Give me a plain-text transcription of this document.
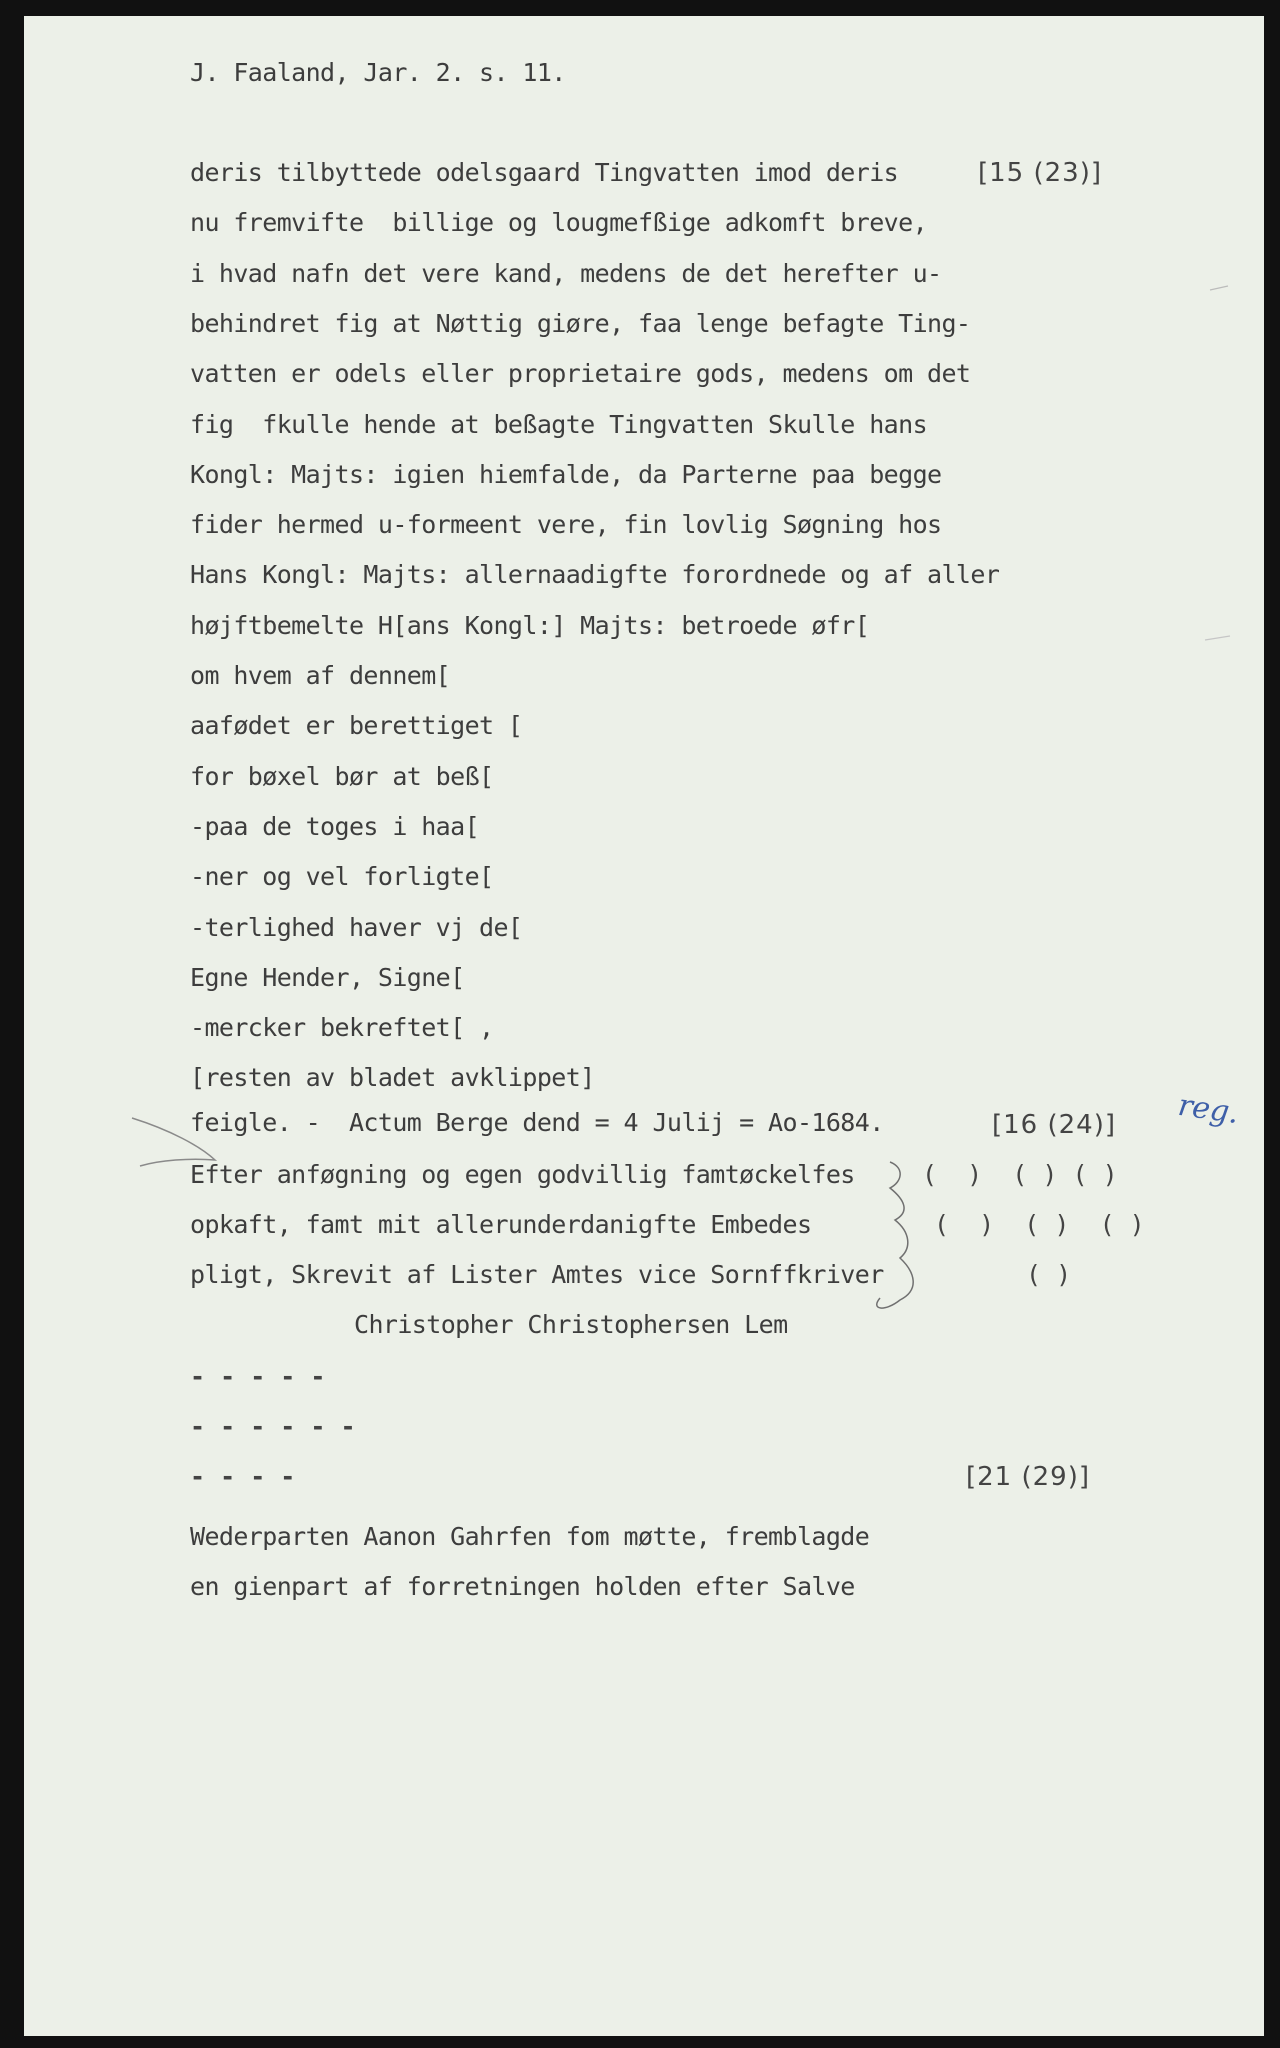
J. Faaland, Jar. 2. s. 11.
[15 (23)]
deris tilbyttede odelsgaard Tingvatten imod deris
nu fremvifte  billige og lougmefßige adkomft breve,
i hvad nafn det vere kand, medens de det herefter u-
behindret fig at Nøttig giøre, faa lenge befagte Ting-
vatten er odels eller proprietaire gods, medens om det
fig  fkulle hende at beßagte Tingvatten Skulle hans
Kongl: Majts: igien hiemfalde, da Parterne paa begge
fider hermed u-formeent vere, fin lovlig Søgning hos
Hans Kongl: Majts: allernaadigfte forordnede og af aller
højftbemelte H[ans Kongl:] Majts: betroede øfr[
om hvem af dennem[
aafødet er berettiget [
for bøxel bør at beß[
-paa de toges i haa[
-ner og vel forligte[
-terlighed haver vj de[
Egne Hender, Signe[
-mercker bekreftet[ ,
[resten av bladet avklippet]
feigle. -  Actum Berge dend = 4 Julij = Ao-1684.	[16 (24)] reg.
Efter anføgning og egen godvillig famtøckelfes
opkaft, famt mit allerunderdanigfte Embedes
pligt, Skrevit af Lister Amtes vice Sornffkriver
(  )  ( ) ( )
(  )  ( )  ( )
( )
Christopher Christophersen Lem
- - - - -
- - - - - -
- - - -	[21 (29)]
Wederparten Aanon Gahrfen fom møtte, fremblagde
en gienpart af forretningen holden efter Salve
